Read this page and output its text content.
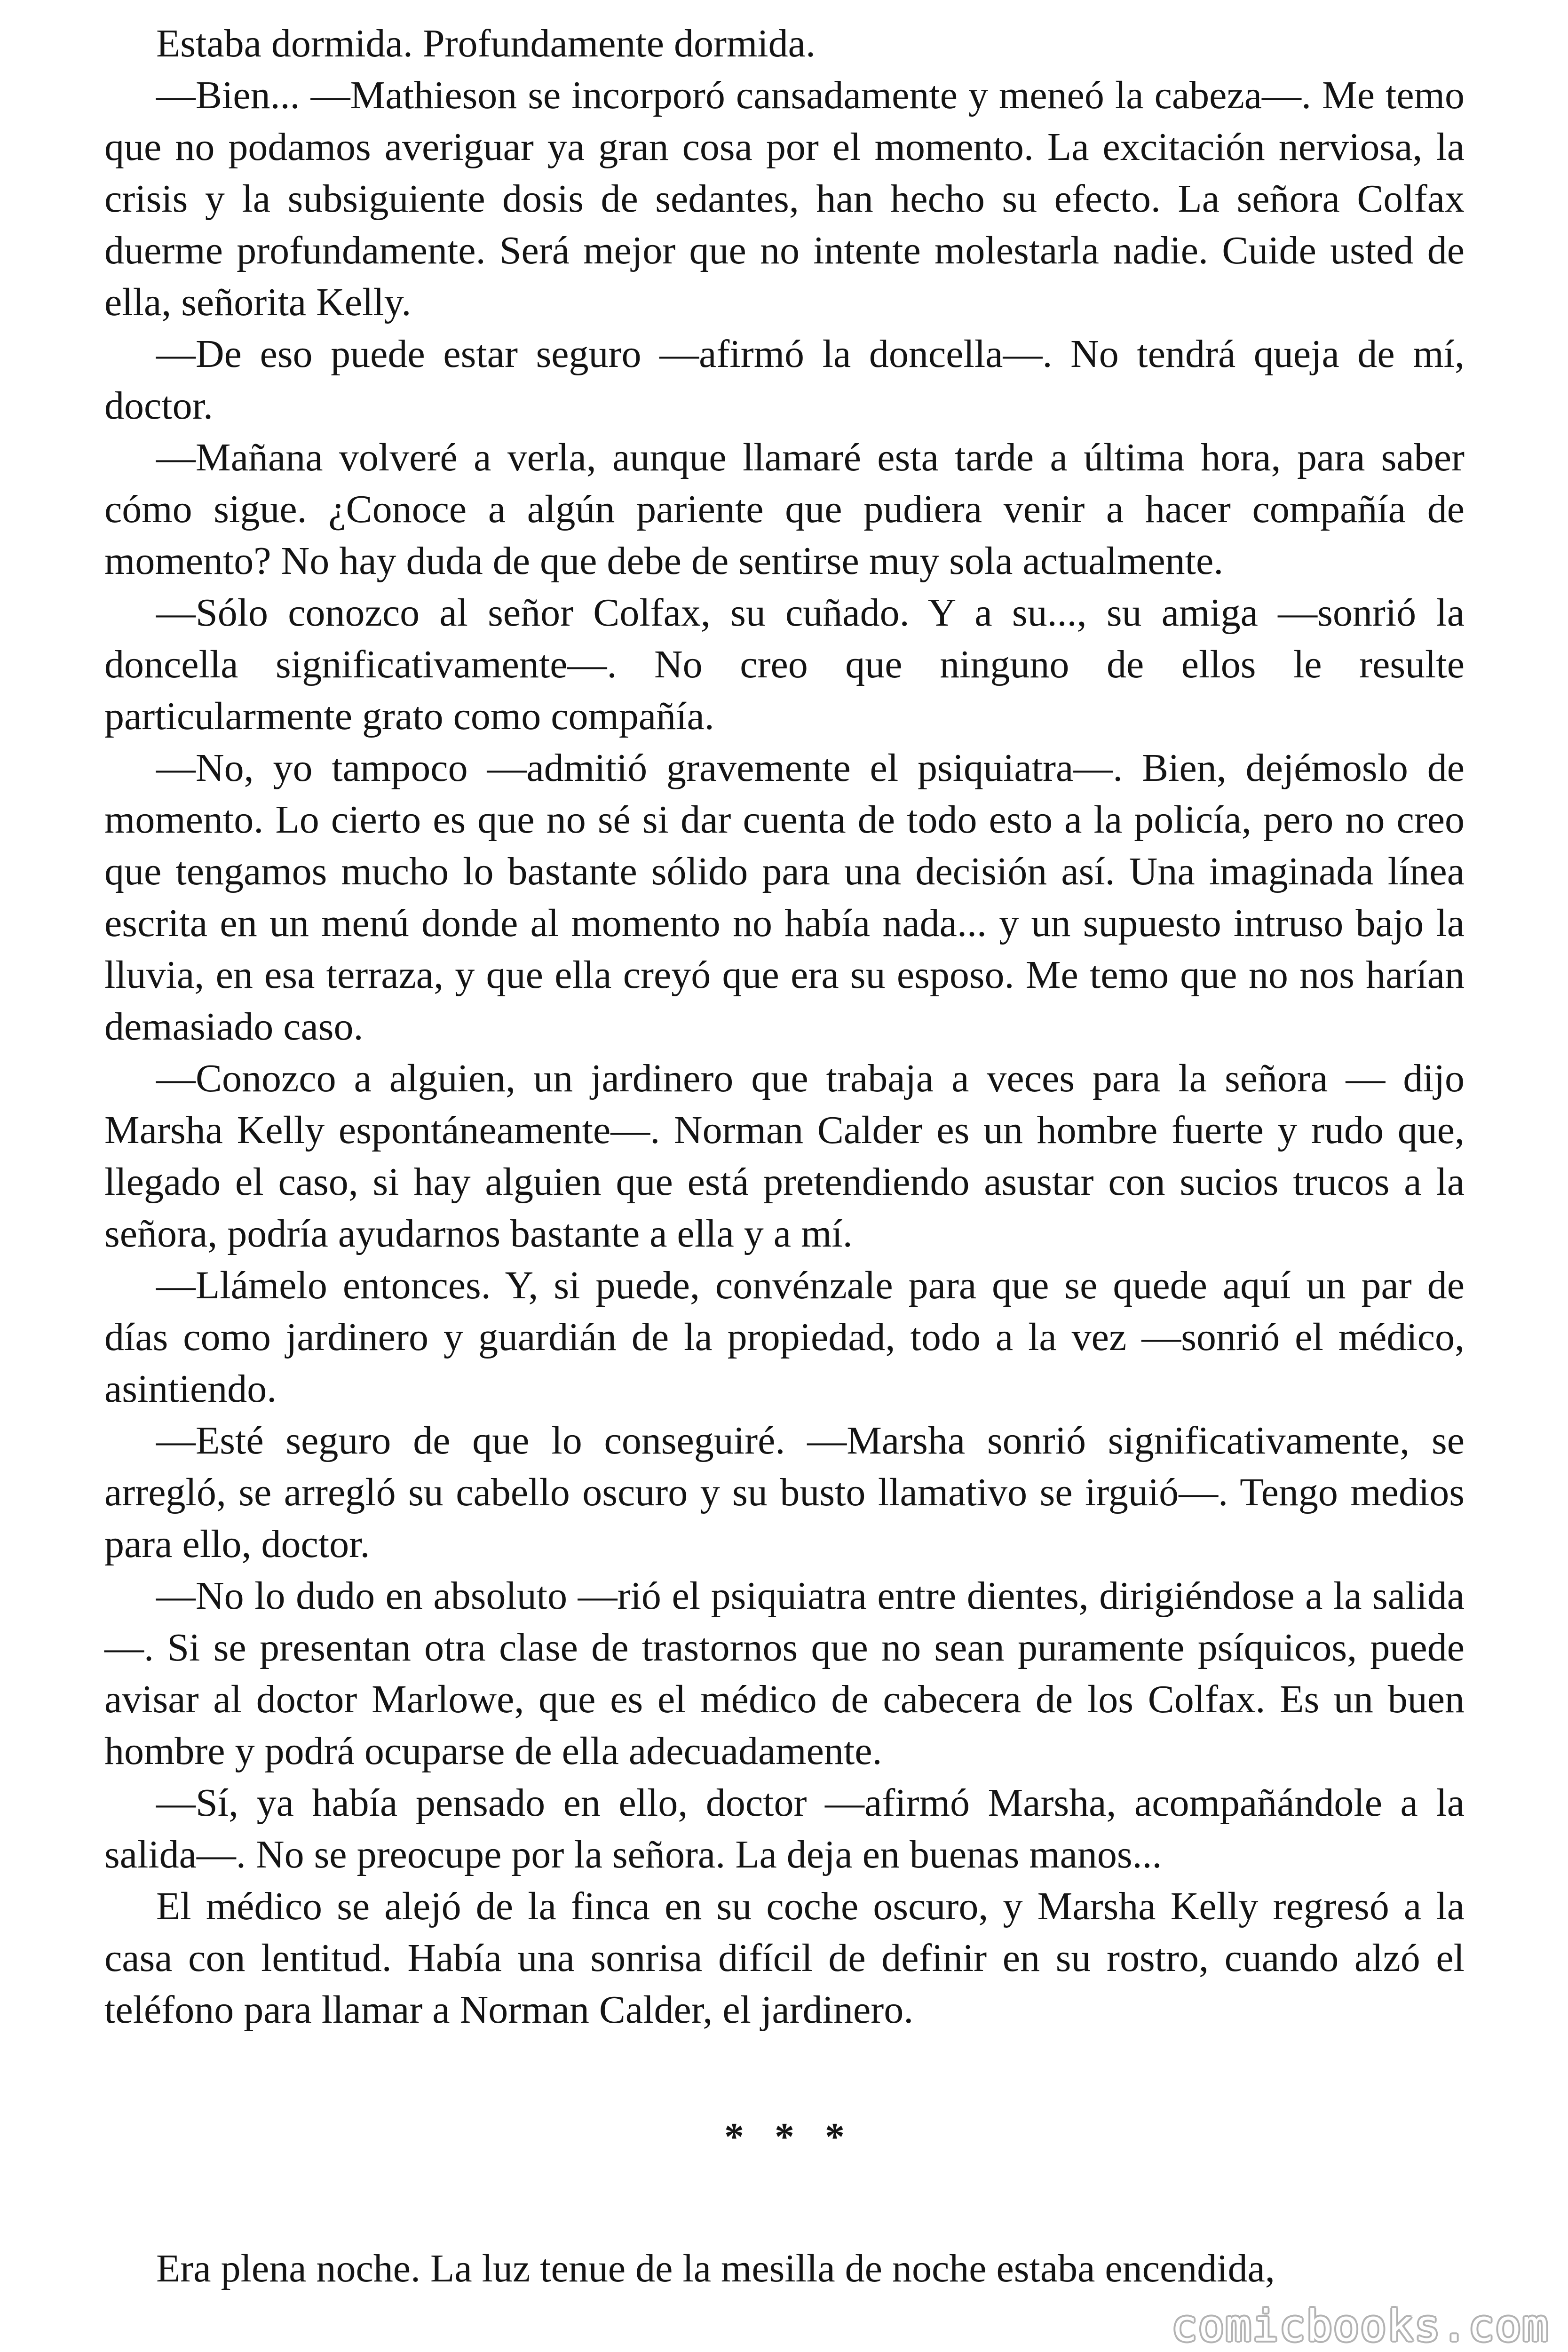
Estaba dormida. Profundamente dormida.

—Bien... —Mathieson se incorporó cansadamente y meneó la cabeza—. Me temo que no podamos averiguar ya gran cosa por el momento. La excitación nerviosa, la crisis y la subsiguiente dosis de sedantes, han hecho su efecto. La señora Colfax duerme profundamente. Será mejor que no intente molestarla nadie. Cuide usted de ella, señorita Kelly.

—De eso puede estar seguro —afirmó la doncella—. No tendrá queja de mí, doctor.

—Mañana volveré a verla, aunque llamaré esta tarde a última hora, para saber cómo sigue. ¿Conoce a algún pariente que pudiera venir a hacer compañía de momento? No hay duda de que debe de sentirse muy sola actualmente.

—Sólo conozco al señor Colfax, su cuñado. Y a su..., su amiga —sonrió la doncella significativamente—. No creo que ninguno de ellos le resulte particularmente grato como compañía.

—No, yo tampoco —admitió gravemente el psiquiatra—. Bien, dejémoslo de momento. Lo cierto es que no sé si dar cuenta de todo esto a la policía, pero no creo que tengamos mucho lo bastante sólido para una decisión así. Una imaginada línea escrita en un menú donde al momento no había nada... y un supuesto intruso bajo la lluvia, en esa terraza, y que ella creyó que era su esposo. Me temo que no nos harían demasiado caso.

—Conozco a alguien, un jardinero que trabaja a veces para la señora — dijo Marsha Kelly espontáneamente—. Norman Calder es un hombre fuerte y rudo que, llegado el caso, si hay alguien que está pretendiendo asustar con sucios trucos a la señora, podría ayudarnos bastante a ella y a mí.

—Llámelo entonces. Y, si puede, convénzale para que se quede aquí un par de días como jardinero y guardián de la propiedad, todo a la vez —sonrió el médico, asintiendo.

—Esté seguro de que lo conseguiré. —Marsha sonrió significativamente, se arregló, se arregló su cabello oscuro y su busto llamativo se irguió—. Tengo medios para ello, doctor.

—No lo dudo en absoluto —rió el psiquiatra entre dientes, dirigiéndose a la salida—. Si se presentan otra clase de trastornos que no sean puramente psíquicos, puede avisar al doctor Marlowe, que es el médico de cabecera de los Colfax. Es un buen hombre y podrá ocuparse de ella adecuadamente.

—Sí, ya había pensado en ello, doctor —afirmó Marsha, acompañándole a la salida—. No se preocupe por la señora. La deja en buenas manos...

El médico se alejó de la finca en su coche oscuro, y Marsha Kelly regresó a la casa con lentitud. Había una sonrisa difícil de definir en su rostro, cuando alzó el teléfono para llamar a Norman Calder, el jardinero.

* * *

Era plena noche. La luz tenue de la mesilla de noche estaba encendida,

comicbooks.com
